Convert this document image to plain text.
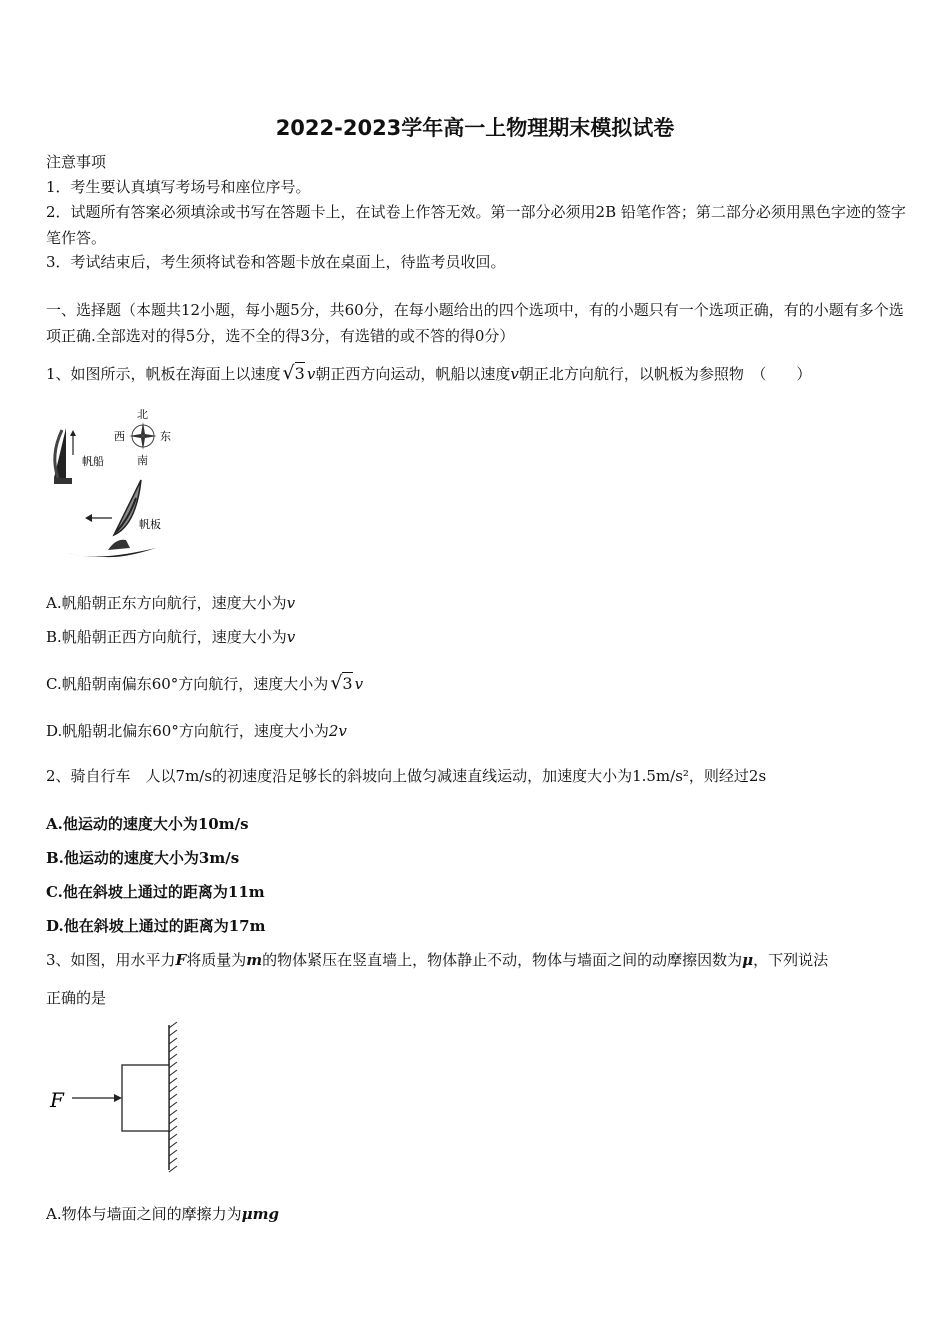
2022-2023学年高一上物理期末模拟试卷
注意事项
1．考生要认真填写考场号和座位序号。
2．试题所有答案必须填涂或书写在答题卡上，在试卷上作答无效。第一部分必须用2B 铅笔作答；第二部分必须用黑色字迹的签字笔作答。
3．考试结束后，考生须将试卷和答题卡放在桌面上，待监考员收回。
一、选择题（本题共12小题，每小题5分，共60分，在每小题给出的四个选项中，有的小题只有一个选项正确，有的小题有多个选项正确.全部选对的得5分，选不全的得3分，有选错的或不答的得0分）
1、如图所示，帆板在海面上以速度 √3 v朝正西方向运动，帆船以速度v朝正北方向航行，以帆板为参照物　（　　）
帆船
北
南
西	东
帆板
A.帆船朝正东方向航行，速度大小为v
B.帆船朝正西方向航行，速度大小为v
C.帆船朝南偏东60°方向航行，速度大小为 √3 v
D.帆船朝北偏东60°方向航行，速度大小为2v
2、骑自行车　人以7m/s的初速度沿足够长的斜坡向上做匀减速直线运动，加速度大小为1.5m/s²，则经过2s
A.他运动的速度大小为10m/s
B.他运动的速度大小为3m/s
C.他在斜坡上通过的距离为11m
D.他在斜坡上通过的距离为17m
3、如图，用水平力F将质量为m的物体紧压在竖直墙上，物体静止不动，物体与墙面之间的动摩擦因数为μ，下列说法
正确的是
F
A.物体与墙面之间的摩擦力为μmg
